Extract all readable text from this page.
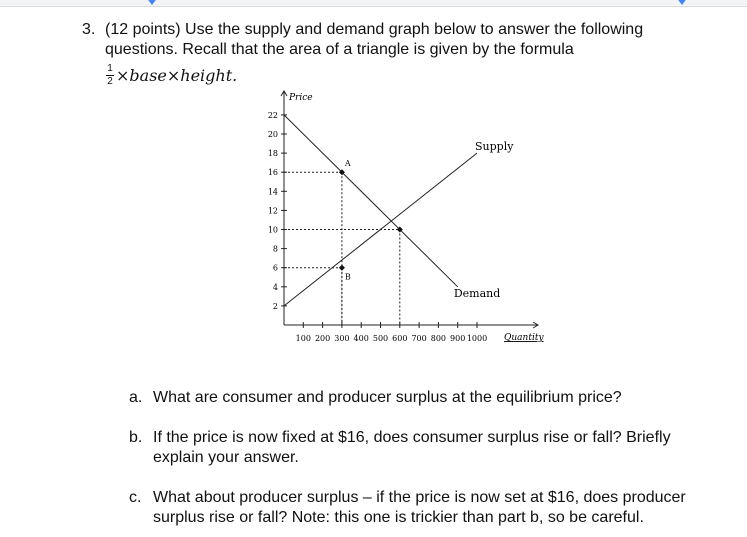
3. (12 points) Use the supply and demand graph below to answer the following questions. Recall that the area of a triangle is given by the formula
$\frac{1}{2}$ ×base×height.
Price
Quantity
2
4
6
8
10
12
14
16
18
20
22
100 200 300 400 500 600 700 800 900 1000
Supply
Demand
A
B
a. What are consumer and producer surplus at the equilibrium price?
b. If the price is now fixed at $16, does consumer surplus rise or fall? Briefly explain your answer.
c. What about producer surplus – if the price is now set at $16, does producer surplus rise or fall? Note: this one is trickier than part b, so be careful.
